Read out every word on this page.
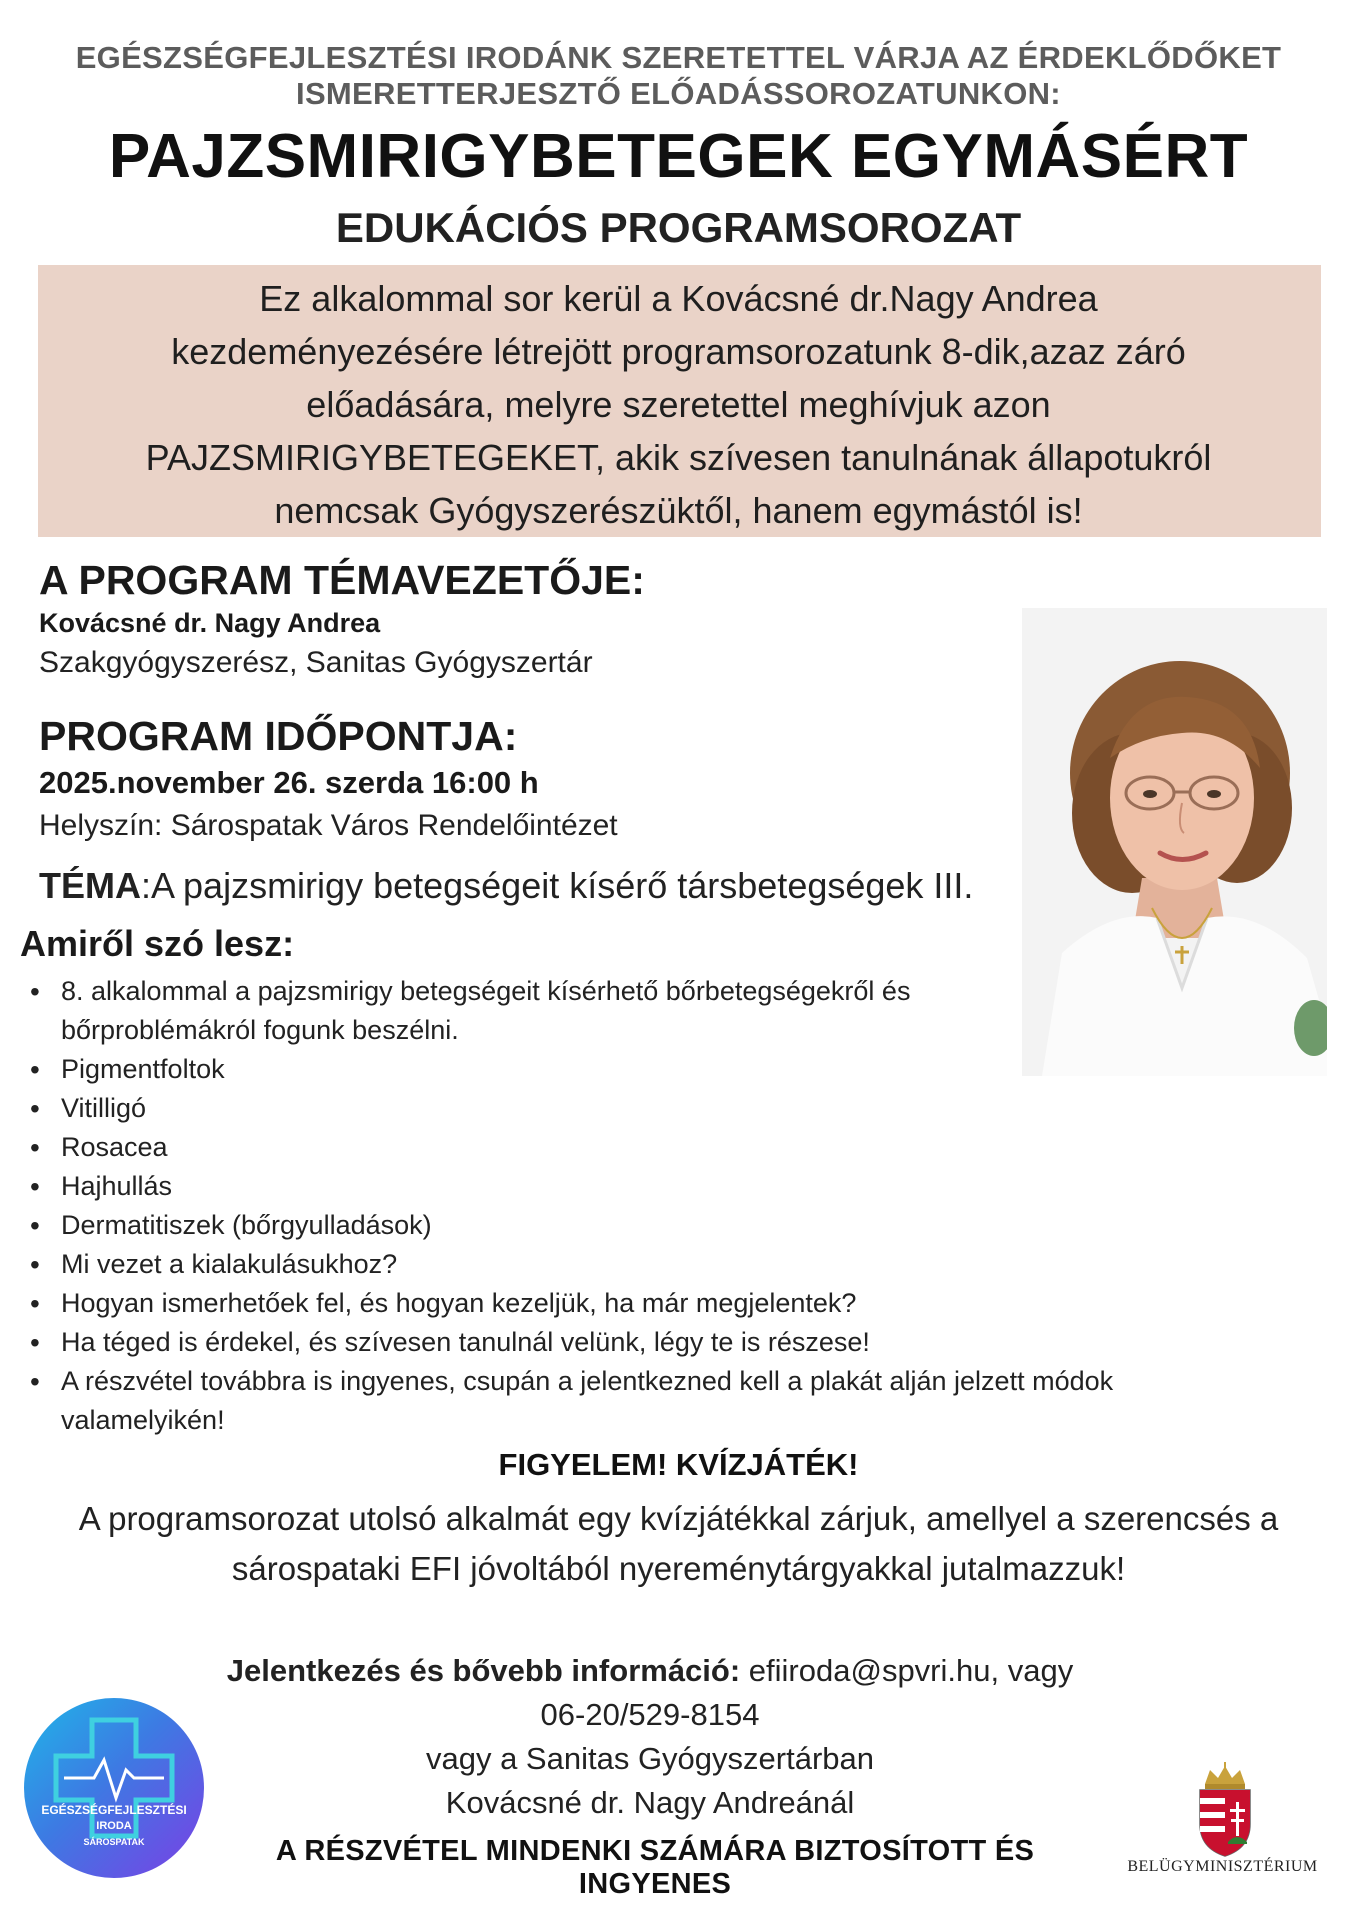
EGÉSZSÉGFEJLESZTÉSI IRODÁNK SZERETETTEL VÁRJA AZ ÉRDEKLŐDŐKET
ISMERETTERJESZTŐ ELŐADÁSSOROZATUNKON:
PAJZSMIRIGYBETEGEK EGYMÁSÉRT
EDUKÁCIÓS PROGRAMSOROZAT
Ez alkalommal sor kerül a Kovácsné dr.Nagy Andrea
kezdeményezésére létrejött programsorozatunk 8-dik,azaz záró
előadására, melyre szeretettel meghívjuk azon
PAJZSMIRIGYBETEGEKET, akik szívesen tanulnának állapotukról
nemcsak Gyógyszerészüktől, hanem egymástól is!
A PROGRAM TÉMAVEZETŐJE:
Kovácsné dr. Nagy Andrea
Szakgyógyszerész, Sanitas Gyógyszertár
PROGRAM IDŐPONTJA:
2025.november 26. szerda 16:00 h
Helyszín: Sárospatak Város Rendelőintézet
TÉMA:A pajzsmirigy betegségeit kísérő társbetegségek III.
Amiről szó lesz:
• 8. alkalommal a pajzsmirigy betegségeit kísérhető bőrbetegségekről és
bőrproblémákról fogunk beszélni.
• Pigmentfoltok
• Vitilligó
• Rosacea
• Hajhullás
• Dermatitiszek (bőrgyulladások)
• Mi vezet a kialakulásukhoz?
• Hogyan ismerhetőek fel, és hogyan kezeljük, ha már megjelentek?
• Ha téged is érdekel, és szívesen tanulnál velünk, légy te is részese!
• A részvétel továbbra is ingyenes, csupán a jelentkezned kell a plakát alján jelzett módok
valamelyikén!
FIGYELEM! KVÍZJÁTÉK!
A programsorozat utolsó alkalmát egy kvízjátékkal zárjuk, amellyel a szerencsés a
sárospataki EFI jóvoltából nyereménytárgyakkal jutalmazzuk!
Jelentkezés és bővebb információ: efiiroda@spvri.hu, vagy
06-20/529-8154
vagy a Sanitas Gyógyszertárban
Kovácsné dr. Nagy Andreánál
EGÉSZSÉGFEJLESZTÉSI
IRODA
SÁROSPATAK	A RÉSZVÉTEL MINDENKI SZÁMÁRA BIZTOSÍTOTT ÉS INGYENES
BELÜGYMINISZTÉRIUM
